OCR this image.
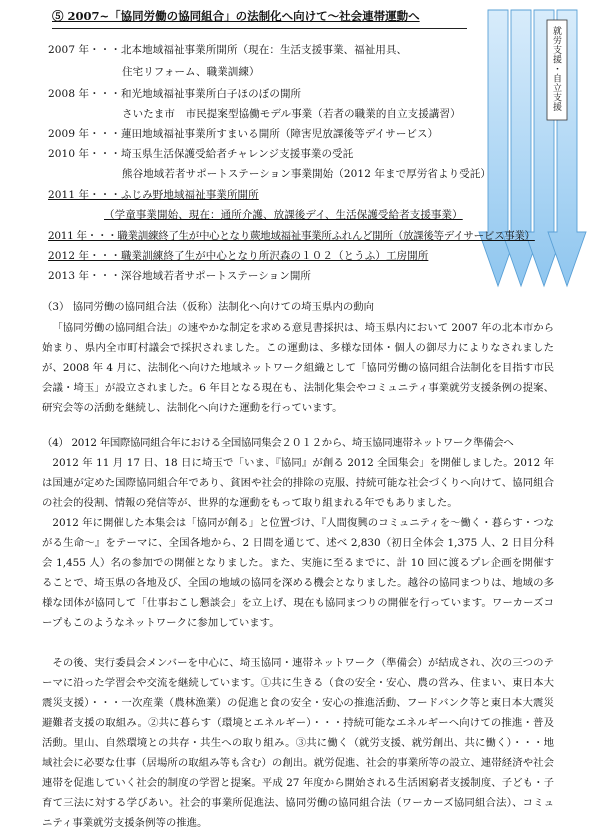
就労支援・自立支援
⑤ 2007~「協同労働の協同組合」の法制化へ向けて～社会連帯運動へ
2007 年・・・北本地域福祉事業所開所（現在：生活支援事業、福祉用具、
住宅リフォーム、職業訓練）
2008 年・・・和光地域福祉事業所白子ほのぼの開所
さいたま市　市民提案型協働モデル事業（若者の職業的自立支援講習）
2009 年・・・蓮田地域福祉事業所すまいる開所（障害児放課後等デイサービス）
2010 年・・・埼玉県生活保護受給者チャレンジ支援事業の受託
熊谷地域若者サポートステーション事業開始（2012 年まで厚労省より受託）
2011 年・・・ふじみ野地域福祉事業所開所
（学童事業開始、現在：通所介護、放課後デイ、生活保護受給者支援事業）
2011 年・・・職業訓練終了生が中心となり蕨地域福祉事業所ふれんど開所（放課後等デイサービス事業）
2012 年・・・職業訓練終了生が中心となり所沢森の１０２（とうふ）工房開所
2013 年・・・深谷地域若者サポートステーション開所
（3） 協同労働の協同組合法（仮称）法制化へ向けての埼玉県内の動向

「協同労働の協同組合法」の速やかな制定を求める意見書採択は、埼玉県内において 2007 年の北本市から始まり、県内全市町村議会で採択されました。この運動は、多様な団体・個人の御尽力によりなされましたが、2008 年 4 月に、法制化へ向けた地域ネットワーク組織として「協同労働の協同組合法制化を目指す市民会議・埼玉」が設立されました。6 年目となる現在も、法制化集会やコミュニティ事業就労支援条例の提案、研究会等の活動を継続し、法制化へ向けた運動を行っています。

（4） 2012 年国際協同組合年における全国協同集会２０１２から、埼玉協同連帯ネットワーク準備会へ

2012 年 11 月 17 日、18 日に埼玉で「いま、『協同』が創る 2012 全国集会」を開催しました。2012 年は国連が定めた国際協同組合年であり、貧困や社会的排除の克服、持続可能な社会づくりへ向けて、協同組合の社会的役割、情報の発信等が、世界的な運動をもって取り組まれる年でもありました。

2012 年に開催した本集会は「協同が創る」と位置づけ、『人間復興のコミュニティを～働く・暮らす・つながる生命～』をテーマに、全国各地から、2 日間を通じて、述べ 2,830（初日全体会 1,375 人、2 日目分科会 1,455 人）名の参加での開催となりました。また、実施に至るまでに、計 10 回に渡るプレ企画を開催することで、埼玉県の各地及び、全国の地域の協同を深める機会となりました。越谷の協同まつりは、地域の多様な団体が協同して「仕事おこし懇談会」を立上げ、現在も協同まつりの開催を行っています。ワーカーズコープもこのようなネットワークに参加しています。

その後、実行委員会メンバーを中心に、埼玉協同・連帯ネットワーク（準備会）が結成され、次の三つのテーマに沿った学習会や交流を継続しています。①共に生きる（食の安全・安心、農の営み、住まい、東日本大震災支援）・・・一次産業（農林漁業）の促進と食の安全・安心の推進活動、フードバンク等と東日本大震災避難者支援の取組み。②共に暮らす（環境とエネルギー）・・・持続可能なエネルギーへ向けての推進・普及活動。里山、自然環境との共存・共生への取り組み。③共に働く（就労支援、就労創出、共に働く）・・・地域社会に必要な仕事（居場所の取組み等も含む）の創出。就労促進、社会的事業所等の設立、連帯経済や社会連帯を促進していく社会的制度の学習と提案。平成 27 年度から開始される生活困窮者支援制度、子ども・子育て三法に対する学びあい。社会的事業所促進法、協同労働の協同組合法（ワーカーズ協同組合法）、コミュニティ事業就労支援条例等の推進。
